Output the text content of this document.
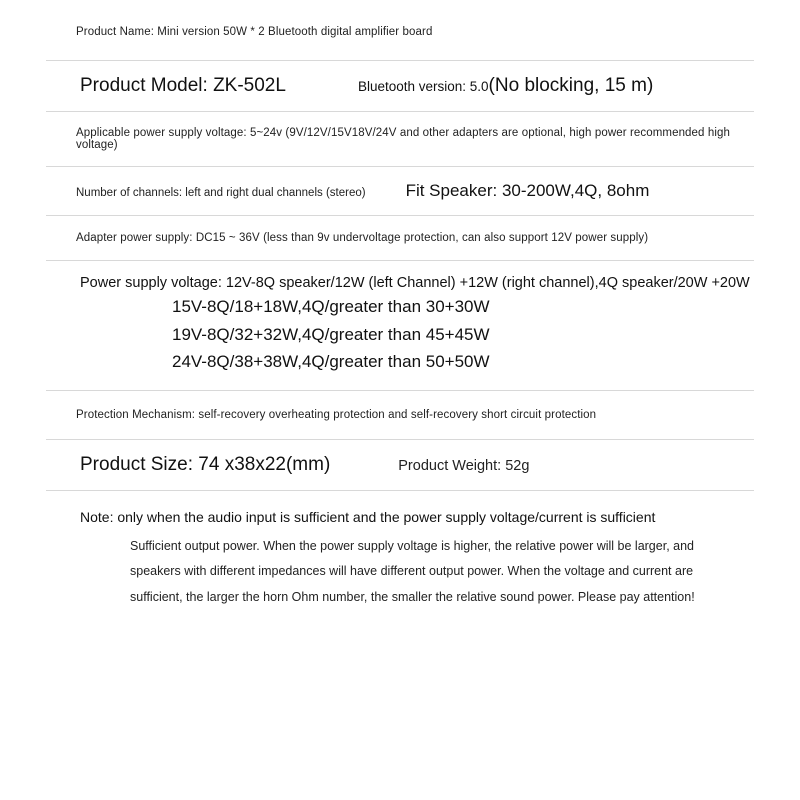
Product Name: Mini version 50W * 2 Bluetooth digital amplifier board
Product Model: ZK-502L	Bluetooth version: 5.0(No blocking, 15 m)
Applicable power supply voltage: 5~24v (9V/12V/15V18V/24V and other adapters are optional, high power recommended high voltage)
Number of channels: left and right dual channels (stereo) Fit Speaker: 30-200W,4Q, 8ohm
Adapter power supply: DC15 ~ 36V (less than 9v undervoltage protection, can also support 12V power supply)
Power supply voltage: 12V-8Q speaker/12W (left Channel) +12W (right channel),4Q speaker/20W +20W
15V-8Q/18+18W,4Q/greater than 30+30W
19V-8Q/32+32W,4Q/greater than 45+45W
24V-8Q/38+38W,4Q/greater than 50+50W
Protection Mechanism: self-recovery overheating protection and self-recovery short circuit protection
Product Size: 74 x38x22(mm)	Product Weight: 52g
Note: only when the audio input is sufficient and the power supply voltage/current is sufficient
Sufficient output power. When the power supply voltage is higher, the relative power will be larger, and
speakers with different impedances will have different output power. When the voltage and current are
sufficient, the larger the horn Ohm number, the smaller the relative sound power. Please pay attention!
